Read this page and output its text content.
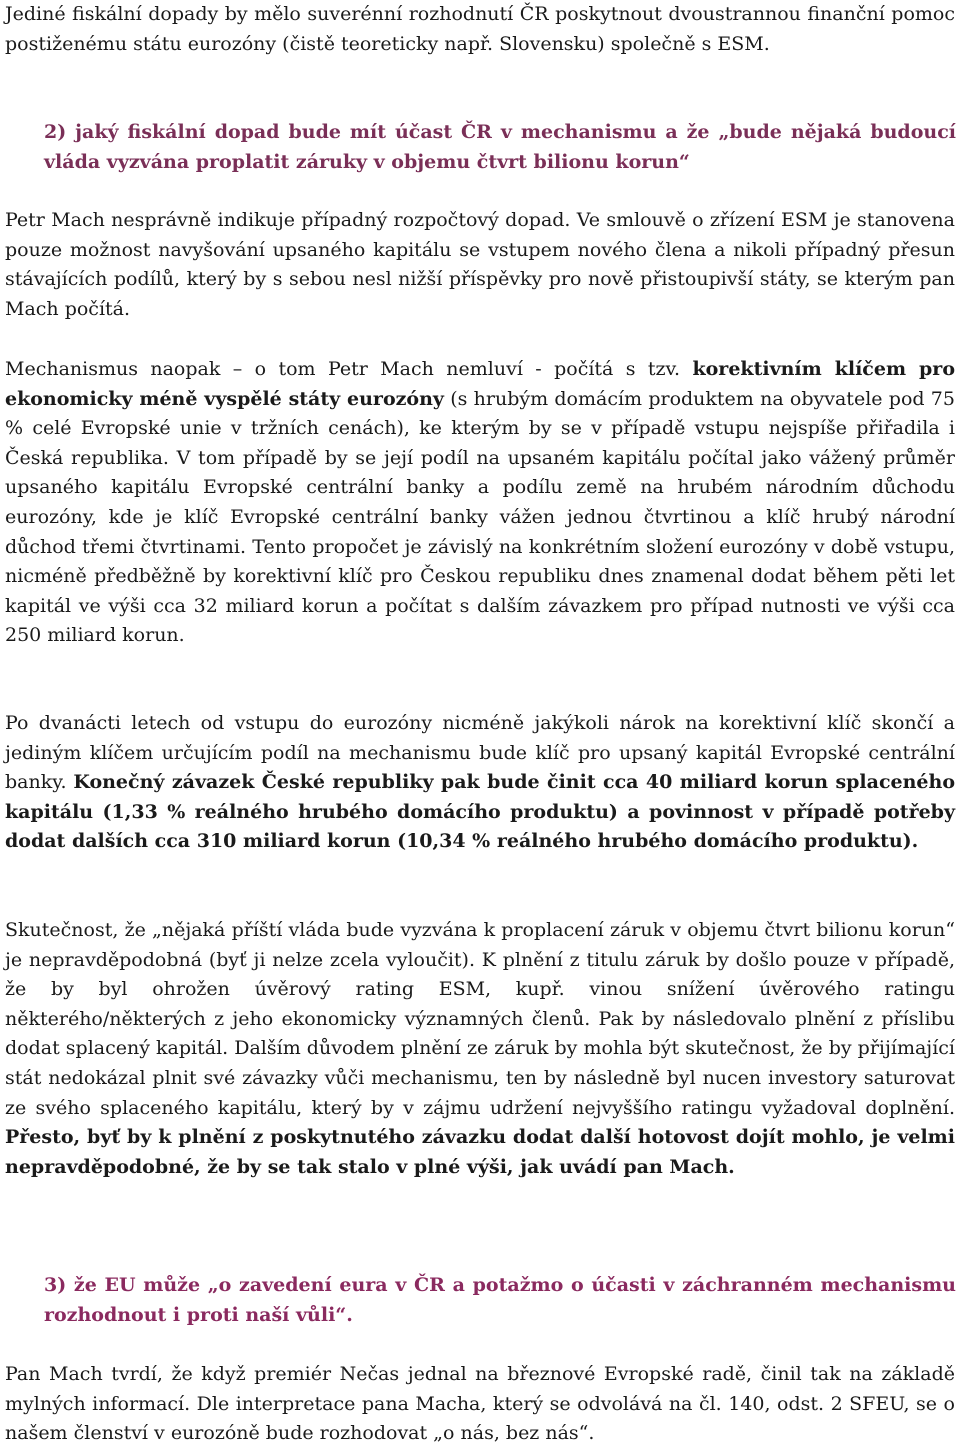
Jediné fiskální dopady by mělo suverénní rozhodnutí ČR poskytnout dvoustrannou finanční pomoc postiženému státu eurozóny (čistě teoreticky např. Slovensku) společně s ESM.

2) jaký fiskální dopad bude mít účast ČR v mechanismu a že „bude nějaká budoucí vláda vyzvána proplatit záruky v objemu čtvrt bilionu korun“

Petr Mach nesprávně indikuje případný rozpočtový dopad. Ve smlouvě o zřízení ESM je stanovena pouze možnost navyšování upsaného kapitálu se vstupem nového člena a nikoli případný přesun stávajících podílů, který by s sebou nesl nižší příspěvky pro nově přistoupivší státy, se kterým pan Mach počítá.

Mechanismus naopak – o tom Petr Mach nemluví - počítá s tzv. korektivním klíčem pro ekonomicky méně vyspělé státy eurozóny (s hrubým domácím produktem na obyvatele pod 75 % celé Evropské unie v tržních cenách), ke kterým by se v případě vstupu nejspíše přiřadila i Česká republika. V tom případě by se její podíl na upsaném kapitálu počítal jako vážený průměr upsaného kapitálu Evropské centrální banky a podílu země na hrubém národním důchodu eurozóny, kde je klíč Evropské centrální banky vážen jednou čtvrtinou a klíč hrubý národní důchod třemi čtvrtinami. Tento propočet je závislý na konkrétním složení eurozóny v době vstupu, nicméně předběžně by korektivní klíč pro Českou republiku dnes znamenal dodat během pěti let kapitál ve výši cca 32 miliard korun a počítat s dalším závazkem pro případ nutnosti ve výši cca 250 miliard korun.

Po dvanácti letech od vstupu do eurozóny nicméně jakýkoli nárok na korektivní klíč skončí a jediným klíčem určujícím podíl na mechanismu bude klíč pro upsaný kapitál Evropské centrální banky. Konečný závazek České republiky pak bude činit cca 40 miliard korun splaceného kapitálu (1,33 % reálného hrubého domácího produktu) a povinnost v případě potřeby dodat dalších cca 310 miliard korun (10,34 % reálného hrubého domácího produktu).

Skutečnost, že „nějaká příští vláda bude vyzvána k proplacení záruk v objemu čtvrt bilionu korun“ je nepravděpodobná (byť ji nelze zcela vyloučit). K plnění z titulu záruk by došlo pouze v případě, že by byl ohrožen úvěrový rating ESM, kupř. vinou snížení úvěrového ratingu některého/některých z jeho ekonomicky významných členů. Pak by následovalo plnění z příslibu dodat splacený kapitál. Dalším důvodem plnění ze záruk by mohla být skutečnost, že by přijímající stát nedokázal plnit své závazky vůči mechanismu, ten by následně byl nucen investory saturovat ze svého splaceného kapitálu, který by v zájmu udržení nejvyššího ratingu vyžadoval doplnění. Přesto, byť by k plnění z poskytnutého závazku dodat další hotovost dojít mohlo, je velmi nepravděpodobné, že by se tak stalo v plné výši, jak uvádí pan Mach.

3) že EU může „o zavedení eura v ČR a potažmo o účasti v záchranném mechanismu rozhodnout i proti naší vůli“.

Pan Mach tvrdí, že když premiér Nečas jednal na březnové Evropské radě, činil tak na základě mylných informací. Dle interpretace pana Macha, který se odvolává na čl. 140, odst. 2 SFEU, se o našem členství v eurozóně bude rozhodovat „o nás, bez nás“.
